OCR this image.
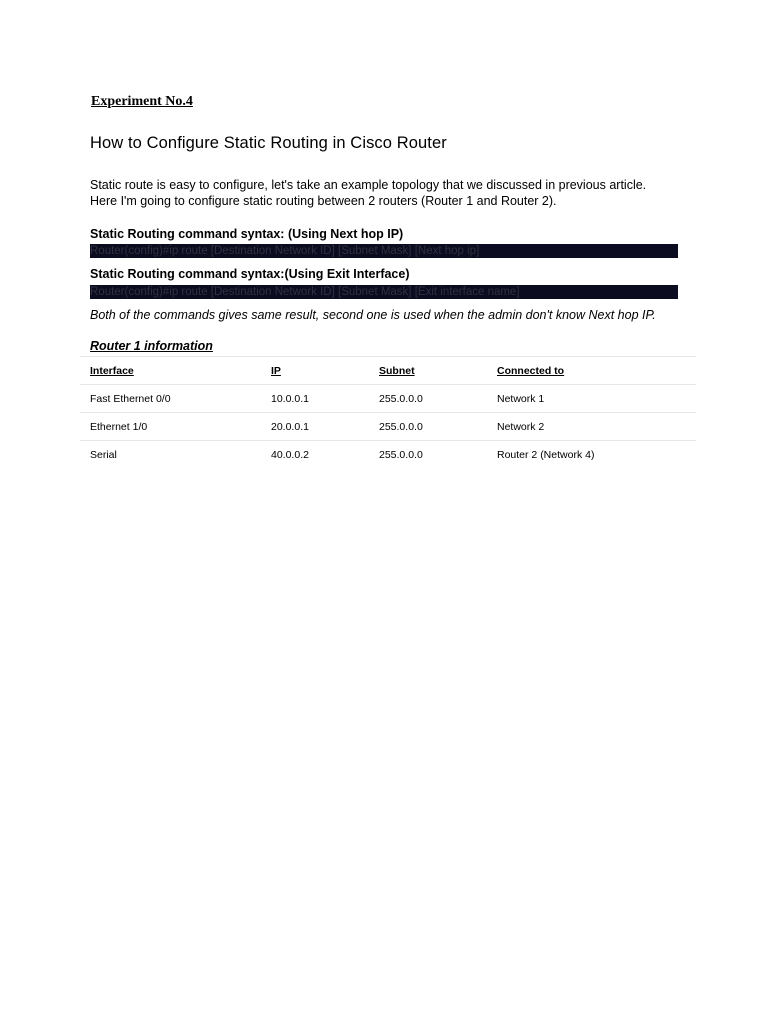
Experiment No.4

How to Configure Static Routing in Cisco Router

Static route is easy to configure, let's take an example topology that we discussed in previous article.

Here I'm going to configure static routing between 2 routers (Router 1 and Router 2).

Static Routing command syntax: (Using Next hop IP)

Router(config)#ip route [Destination Network ID] [Subnet Mask] [Next hop ip]

Static Routing command syntax:(Using Exit Interface)

Router(config)#ip route [Destination Network ID] [Subnet Mask] [Exit interface name]

Both of the commands gives same result, second one is used when the admin don't know Next hop IP.

Router 1 information

Interface	IP	Subnet	Connected to
Fast Ethernet 0/0	10.0.0.1	255.0.0.0	Network 1
Ethernet 1/0	20.0.0.1	255.0.0.0	Network 2
Serial	40.0.0.2	255.0.0.0	Router 2 (Network 4)
